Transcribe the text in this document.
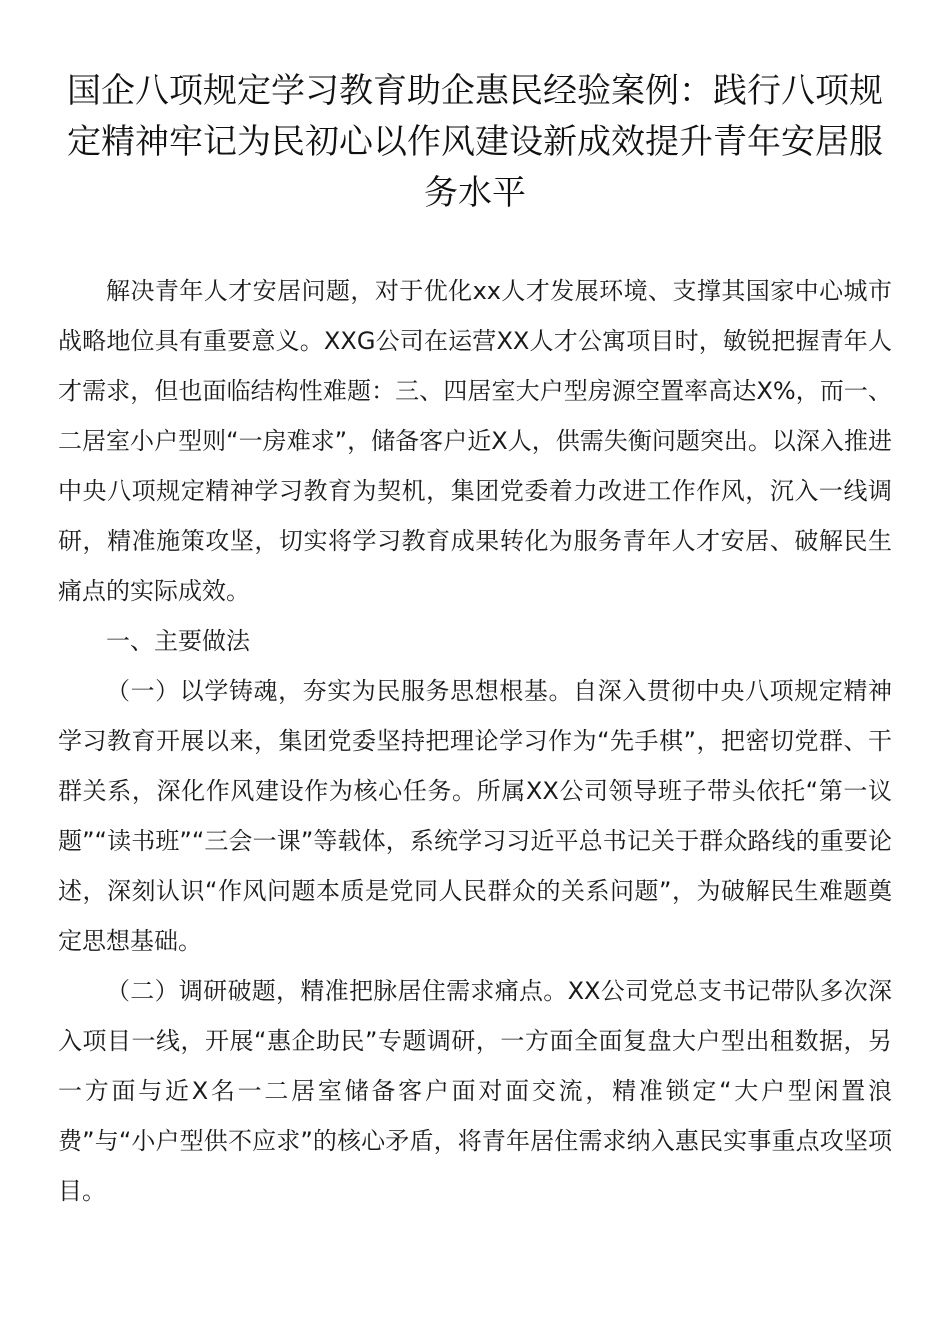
国企八项规定学习教育助企惠民经验案例：践行八项规定精神牢记为民初心以作风建设新成效提升青年安居服务水平

解决青年人才安居问题，对于优化xx人才发展环境、支撑其国家中心城市战略地位具有重要意义。XXG公司在运营XX人才公寓项目时，敏锐把握青年人才需求，但也面临结构性难题：三、四居室大户型房源空置率高达X%，而一、二居室小户型则“一房难求”，储备客户近X人，供需失衡问题突出。以深入推进中央八项规定精神学习教育为契机，集团党委着力改进工作作风，沉入一线调研，精准施策攻坚，切实将学习教育成果转化为服务青年人才安居、破解民生痛点的实际成效。

一、主要做法

（一）以学铸魂，夯实为民服务思想根基。自深入贯彻中央八项规定精神学习教育开展以来，集团党委坚持把理论学习作为“先手棋”，把密切党群、干群关系，深化作风建设作为核心任务。所属XX公司领导班子带头依托“第一议题”“读书班”“三会一课”等载体，系统学习习近平总书记关于群众路线的重要论述，深刻认识“作风问题本质是党同人民群众的关系问题”，为破解民生难题奠定思想基础。

（二）调研破题，精准把脉居住需求痛点。XX公司党总支书记带队多次深入项目一线，开展“惠企助民”专题调研，一方面全面复盘大户型出租数据，另一方面与近X名一二居室储备客户面对面交流，精准锁定“大户型闲置浪费”与“小户型供不应求”的核心矛盾，将青年居住需求纳入惠民实事重点攻坚项目。
